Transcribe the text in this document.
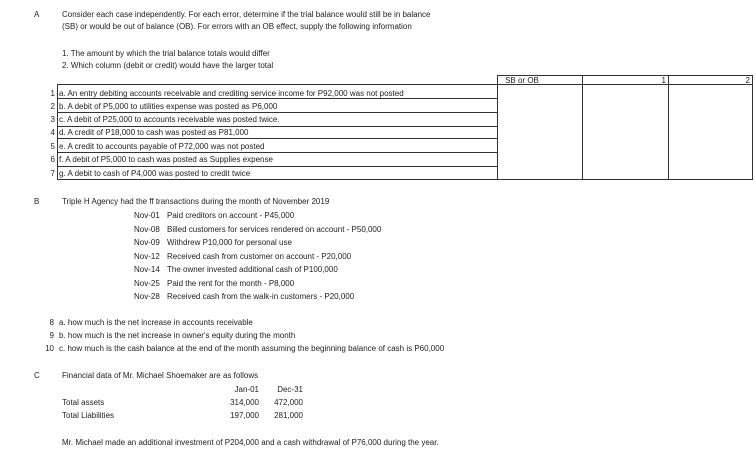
A	Consider each case independently. For each error, determine if the trial balance would still be in balance
(SB) or would be out of balance (OB). For errors with an OB effect, supply the following information
1. The amount by which the trial balance totals would differ
2. Which column (debit or credit) would have the larger total
SB or OB	1	2
1 a. An entry debiting accounts receivable and crediting service income for P92,000 was not posted
2 b. A debit of P5,000 to utilities expense was posted as P6,000
3 c. A debit of P25,000 to accounts receivable was posted twice.
4 d. A credit of P18,000 to cash was posted as P81,000
5 e. A credit to accounts payable of P72,000 was not posted
6 f. A debit of P5,000 to cash was posted as Supplies expense
7 g. A debit to cash of P4,000 was posted to credit twice
B	Triple H Agency had the ff transactions during the month of November 2019
Nov-01 Paid creditors on account - P45,000
Nov-08 Billed customers for services rendered on account - P50,000
Nov-09 Withdrew P10,000 for personal use
Nov-12 Received cash from customer on account - P20,000
Nov-14 The owner invested additional cash of P100,000
Nov-25 Paid the rent for the month - P8,000
Nov-28 Received cash from the walk-in customers - P20,000
8 a. how much is the net increase in accounts receivable
9 b. how much is the net increase in owner's equity during the month
10 c. how much is the cash balance at the end of the month assuming the beginning balance of cash is P60,000
C	Financial data of Mr. Michael Shoemaker are as follows
Jan-01	Dec-31
Total assets	314,000	472,000
Total Liabilities	197,000	281,000
Mr. Michael made an additional investment of P204,000 and a cash withdrawal of P76,000 during the year.
